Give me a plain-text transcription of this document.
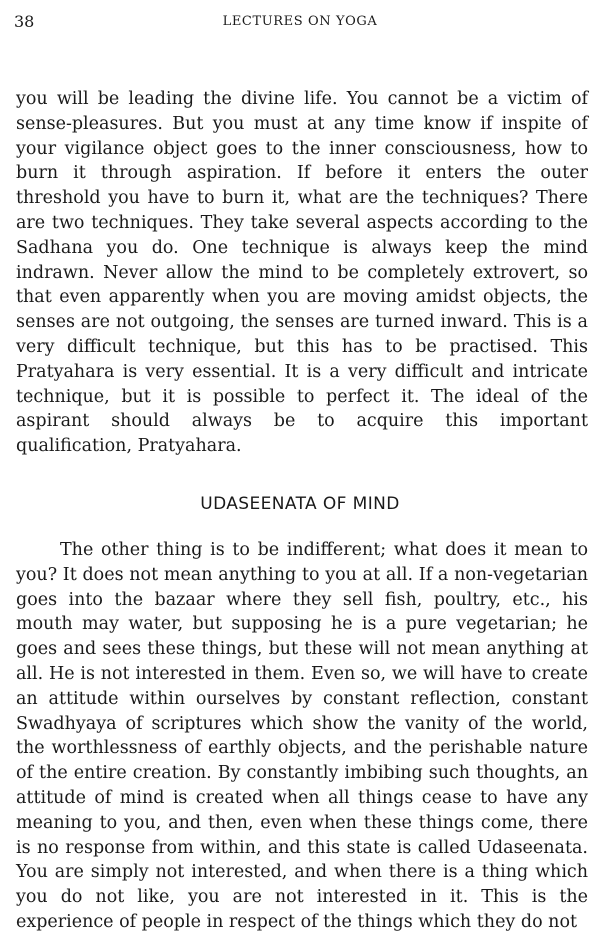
38	LECTURES ON YOGA

you will be leading the divine life. You cannot be a victim of sense-pleasures. But you must at any time know if inspite of your vigilance object goes to the inner consciousness, how to burn it through aspiration. If before it enters the outer threshold you have to burn it, what are the techniques? There are two techniques. They take several aspects according to the Sadhana you do. One technique is always keep the mind indrawn. Never allow the mind to be completely extrovert, so that even apparently when you are moving amidst objects, the senses are not outgoing, the senses are turned inward. This is a very difficult technique, but this has to be practised. This Pratyahara is very essential. It is a very difficult and intricate technique, but it is possible to perfect it. The ideal of the aspirant should always be to acquire this important qualification, Pratyahara.

UDASEENATA OF MIND

The other thing is to be indifferent; what does it mean to you? It does not mean anything to you at all. If a non-vegetarian goes into the bazaar where they sell fish, poultry, etc., his mouth may water, but supposing he is a pure vegetarian; he goes and sees these things, but these will not mean anything at all. He is not interested in them. Even so, we will have to create an attitude within ourselves by constant reflection, constant Swadhyaya of scriptures which show the vanity of the world, the worthlessness of earthly objects, and the perishable nature of the entire creation. By constantly imbibing such thoughts, an attitude of mind is created when all things cease to have any meaning to you, and then, even when these things come, there is no response from within, and this state is called Udaseenata. You are simply not interested, and when there is a thing which you do not like, you are not interested in it. This is the experience of people in respect of the things which they do not
